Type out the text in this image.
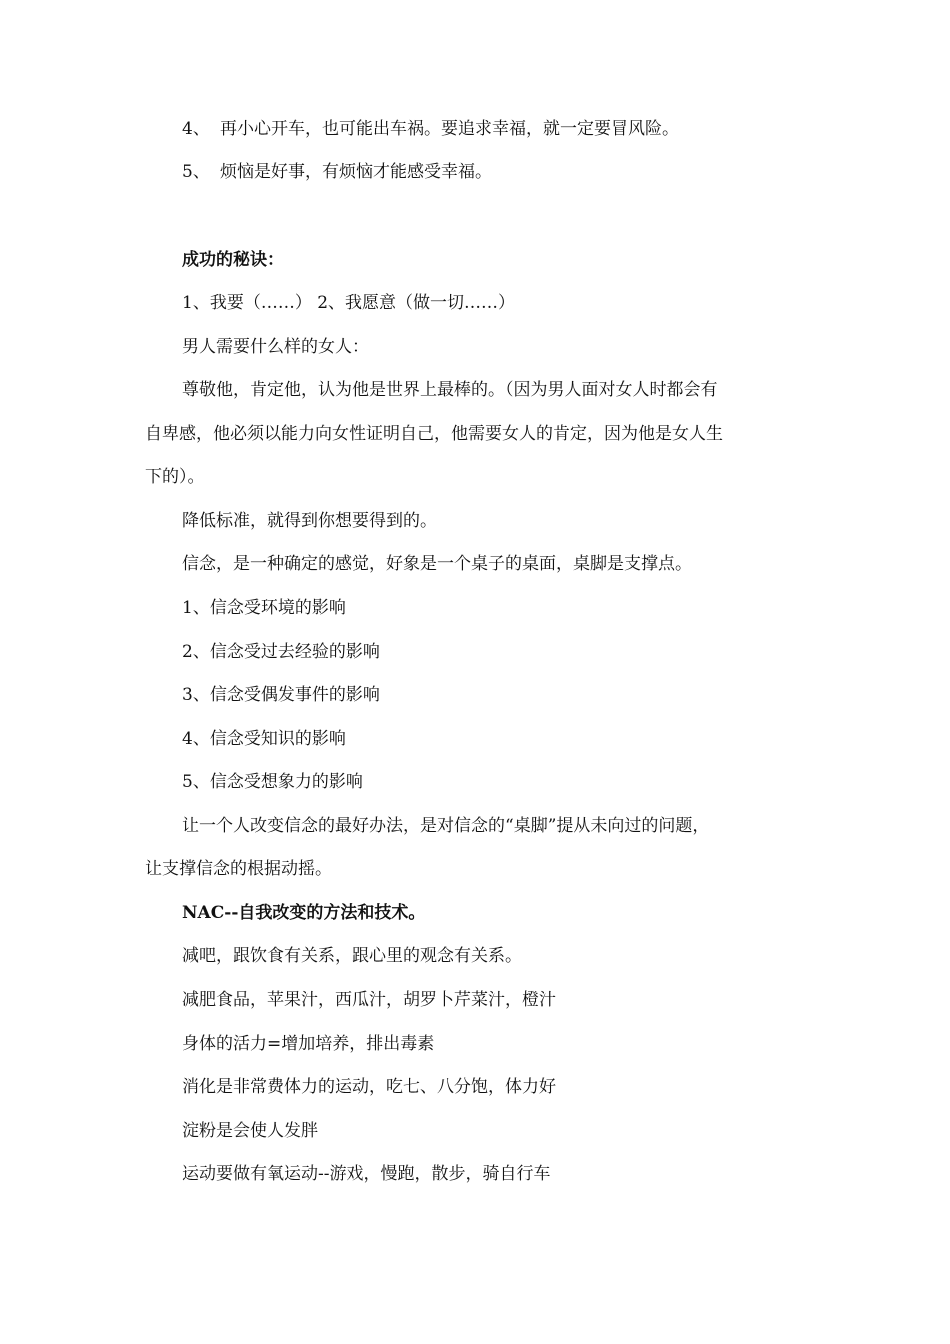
4、 再小心开车，也可能出车祸。要追求幸福，就一定要冒风险。
5、 烦恼是好事，有烦恼才能感受幸福。
成功的秘诀：
1、我要（……） 2、我愿意（做一切……）
男人需要什么样的女人：
尊敬他，肯定他，认为他是世界上最棒的。（因为男人面对女人时都会有
自卑感，他必须以能力向女性证明自己，他需要女人的肯定，因为他是女人生
下的）。
降低标准，就得到你想要得到的。
信念，是一种确定的感觉，好象是一个桌子的桌面，桌脚是支撑点。
1、信念受环境的影响
2、信念受过去经验的影响
3、信念受偶发事件的影响
4、信念受知识的影响
5、信念受想象力的影响
让一个人改变信念的最好办法，是对信念的“桌脚”提从未向过的问题，
让支撑信念的根据动摇。
NAC--自我改变的方法和技术。
减吧，跟饮食有关系，跟心里的观念有关系。
减肥食品，苹果汁，西瓜汁，胡罗卜芹菜汁，橙汁
身体的活力=增加培养，排出毒素
消化是非常费体力的运动，吃七、八分饱，体力好
淀粉是会使人发胖
运动要做有氧运动--游戏，慢跑，散步，骑自行车
